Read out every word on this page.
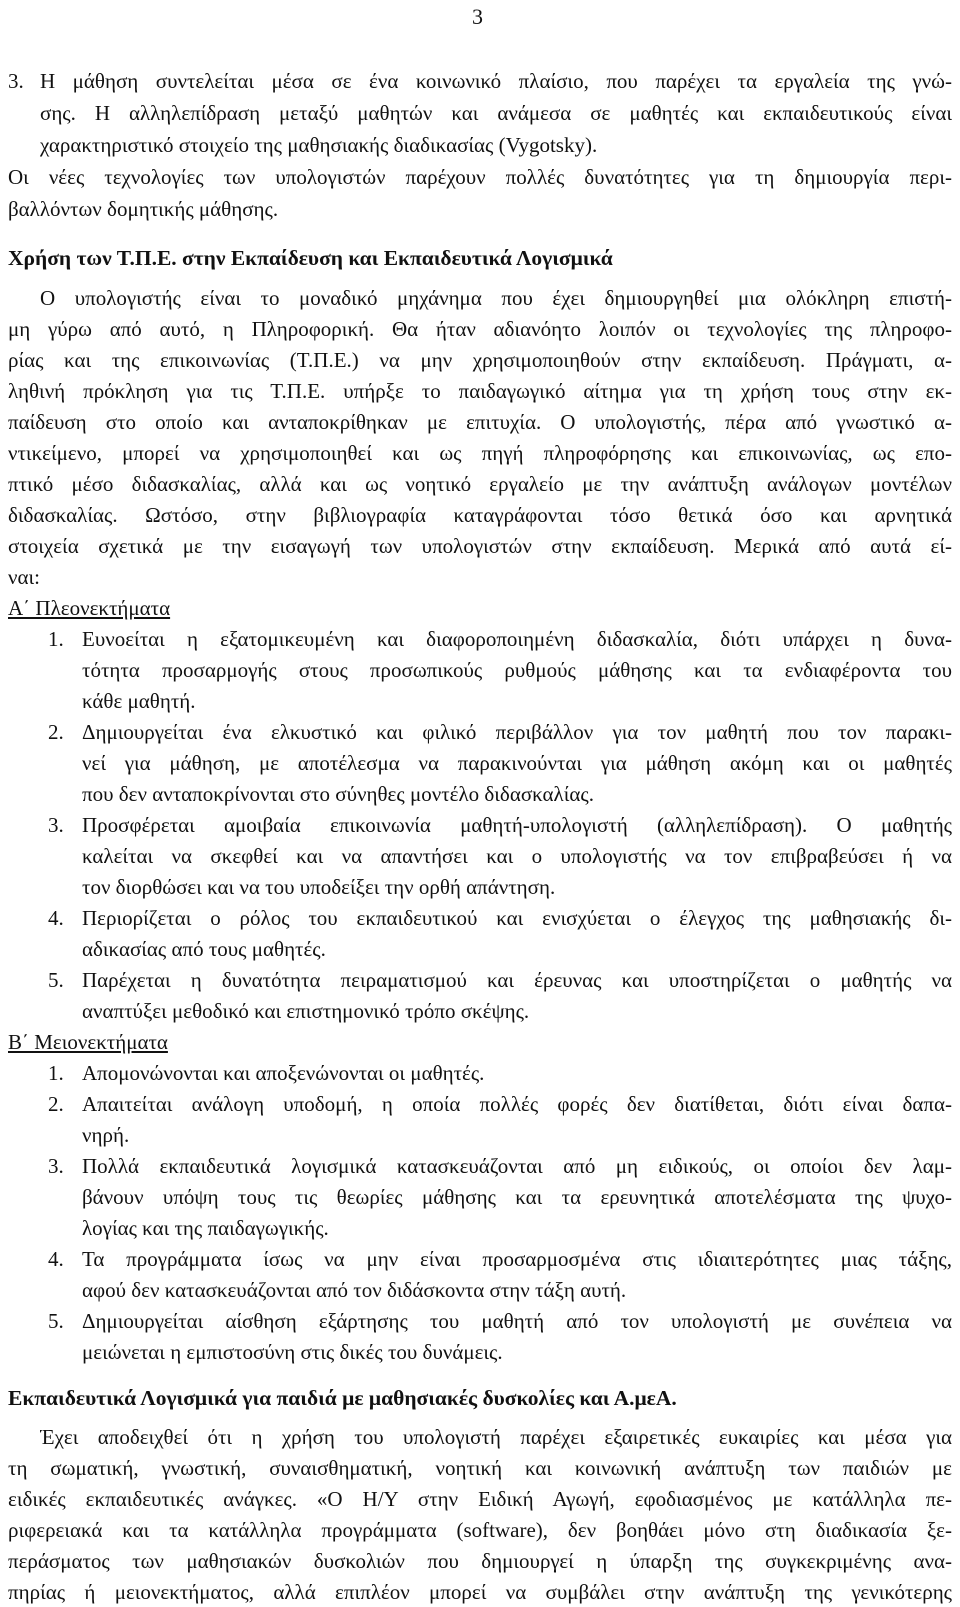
3
3. Η μάθηση συντελείται μέσα σε ένα κοινωνικό πλαίσιο, που παρέχει τα εργαλεία της γνώ-

σης. Η αλληλεπίδραση μεταξύ μαθητών και ανάμεσα σε μαθητές και εκπαιδευτικούς είναι

χαρακτηριστικό στοιχείο της μαθησιακής διαδικασίας (Vygotsky).

Οι νέες τεχνολογίες των υπολογιστών παρέχουν πολλές δυνατότητες για τη δημιουργία περι-

βαλλόντων δομητικής μάθησης.

Χρήση των Τ.Π.Ε. στην Εκπαίδευση και Εκπαιδευτικά Λογισμικά

Ο υπολογιστής είναι το μοναδικό μηχάνημα που έχει δημιουργηθεί μια ολόκληρη επιστή-

μη γύρω από αυτό, η Πληροφορική. Θα ήταν αδιανόητο λοιπόν οι τεχνολογίες της πληροφο-

ρίας και της επικοινωνίας (Τ.Π.Ε.) να μην χρησιμοποιηθούν στην εκπαίδευση. Πράγματι, α-

ληθινή πρόκληση για τις Τ.Π.Ε. υπήρξε το παιδαγωγικό αίτημα για τη χρήση τους στην εκ-

παίδευση στο οποίο και ανταποκρίθηκαν με επιτυχία. Ο υπολογιστής, πέρα από γνωστικό α-

ντικείμενο, μπορεί να χρησιμοποιηθεί και ως πηγή πληροφόρησης και επικοινωνίας, ως επο-

πτικό μέσο διδασκαλίας, αλλά και ως νοητικό εργαλείο με την ανάπτυξη ανάλογων μοντέλων

διδασκαλίας. Ωστόσο, στην βιβλιογραφία καταγράφονται τόσο θετικά όσο και αρνητικά

στοιχεία σχετικά με την εισαγωγή των υπολογιστών στην εκπαίδευση. Μερικά από αυτά εί-

ναι:

Α΄ Πλεονεκτήματα

1. Ευνοείται η εξατομικευμένη και διαφοροποιημένη διδασκαλία, διότι υπάρχει η δυνα-

τότητα προσαρμογής στους προσωπικούς ρυθμούς μάθησης και τα ενδιαφέροντα του

κάθε μαθητή.

2. Δημιουργείται ένα ελκυστικό και φιλικό περιβάλλον για τον μαθητή που τον παρακι-

νεί για μάθηση, με αποτέλεσμα να παρακινούνται για μάθηση ακόμη και οι μαθητές

που δεν ανταποκρίνονται στο σύνηθες μοντέλο διδασκαλίας.

3. Προσφέρεται αμοιβαία επικοινωνία μαθητή-υπολογιστή (αλληλεπίδραση). Ο μαθητής

καλείται να σκεφθεί και να απαντήσει και ο υπολογιστής να τον επιβραβεύσει ή να

τον διορθώσει και να του υποδείξει την ορθή απάντηση.

4. Περιορίζεται ο ρόλος του εκπαιδευτικού και ενισχύεται ο έλεγχος της μαθησιακής δι-

αδικασίας από τους μαθητές.

5. Παρέχεται η δυνατότητα πειραματισμού και έρευνας και υποστηρίζεται ο μαθητής να

αναπτύξει μεθοδικό και επιστημονικό τρόπο σκέψης.

Β΄ Μειονεκτήματα

1. Απομονώνονται και αποξενώνονται οι μαθητές.

2. Απαιτείται ανάλογη υποδομή, η οποία πολλές φορές δεν διατίθεται, διότι είναι δαπα-

νηρή.

3. Πολλά εκπαιδευτικά λογισμικά κατασκευάζονται από μη ειδικούς, οι οποίοι δεν λαμ-

βάνουν υπόψη τους τις θεωρίες μάθησης και τα ερευνητικά αποτελέσματα της ψυχο-

λογίας και της παιδαγωγικής.

4. Τα προγράμματα ίσως να μην είναι προσαρμοσμένα στις ιδιαιτερότητες μιας τάξης,

αφού δεν κατασκευάζονται από τον διδάσκοντα στην τάξη αυτή.

5. Δημιουργείται αίσθηση εξάρτησης του μαθητή από τον υπολογιστή με συνέπεια να

μειώνεται η εμπιστοσύνη στις δικές του δυνάμεις.

Εκπαιδευτικά Λογισμικά για παιδιά με μαθησιακές δυσκολίες και Α.μεΑ.

Έχει αποδειχθεί ότι η χρήση του υπολογιστή παρέχει εξαιρετικές ευκαιρίες και μέσα για

τη σωματική, γνωστική, συναισθηματική, νοητική και κοινωνική ανάπτυξη των παιδιών με

ειδικές εκπαιδευτικές ανάγκες. «Ο Η/Υ στην Ειδική Αγωγή, εφοδιασμένος με κατάλληλα πε-

ριφερειακά και τα κατάλληλα προγράμματα (software), δεν βοηθάει μόνο στη διαδικασία ξε-

περάσματος των μαθησιακών δυσκολιών που δημιουργεί η ύπαρξη της συγκεκριμένης ανα-

πηρίας ή μειονεκτήματος, αλλά επιπλέον μπορεί να συμβάλει στην ανάπτυξη της γενικότερης
